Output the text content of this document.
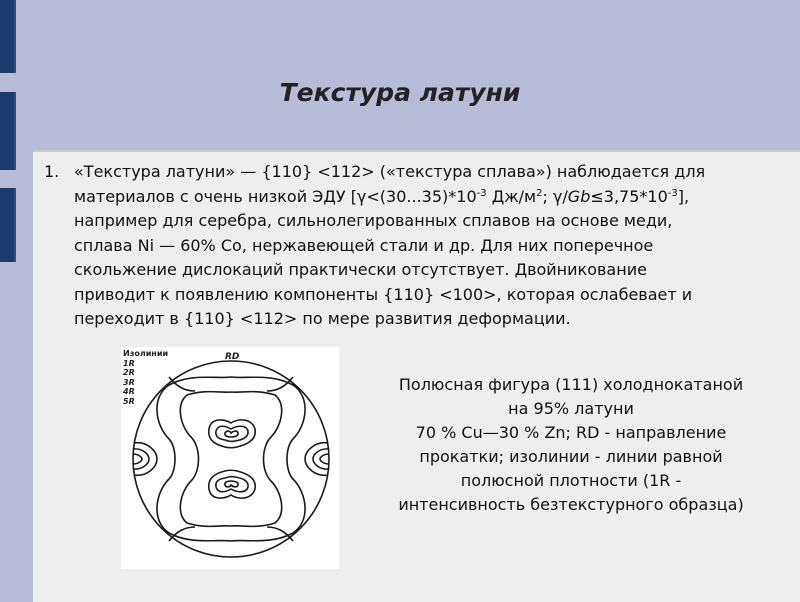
Текстура латуни
1. «Текстура латуни» — {110} <112> («текстура сплава») наблюдается для
материалов с очень низкой ЭДУ [$\gamma<(30...35)*10^{-3}$ $Дж/м^2$; $\gamma/Gb\le 3,75*10^{-3}$],
например для серебра, сильнолегированных сплавов на основе меди,
сплава Ni — 60% Co, нержавеющей стали и др. Для них поперечное
скольжение дислокаций практически отсутствует. Двойникование
приводит к появлению компоненты {110} <100>, которая ослабевает и
переходит в {110} <112> по мере развития деформации.
Изолинии
1R
2R
3R
4R
5R
RD
Полюсная фигура (111) холоднокатаной
на 95% латуни
70 % Cu—30 % Zn; RD - направление
прокатки; изолинии - линии равной
полюсной плотности (1R -
интенсивность безтекстурного образца)
